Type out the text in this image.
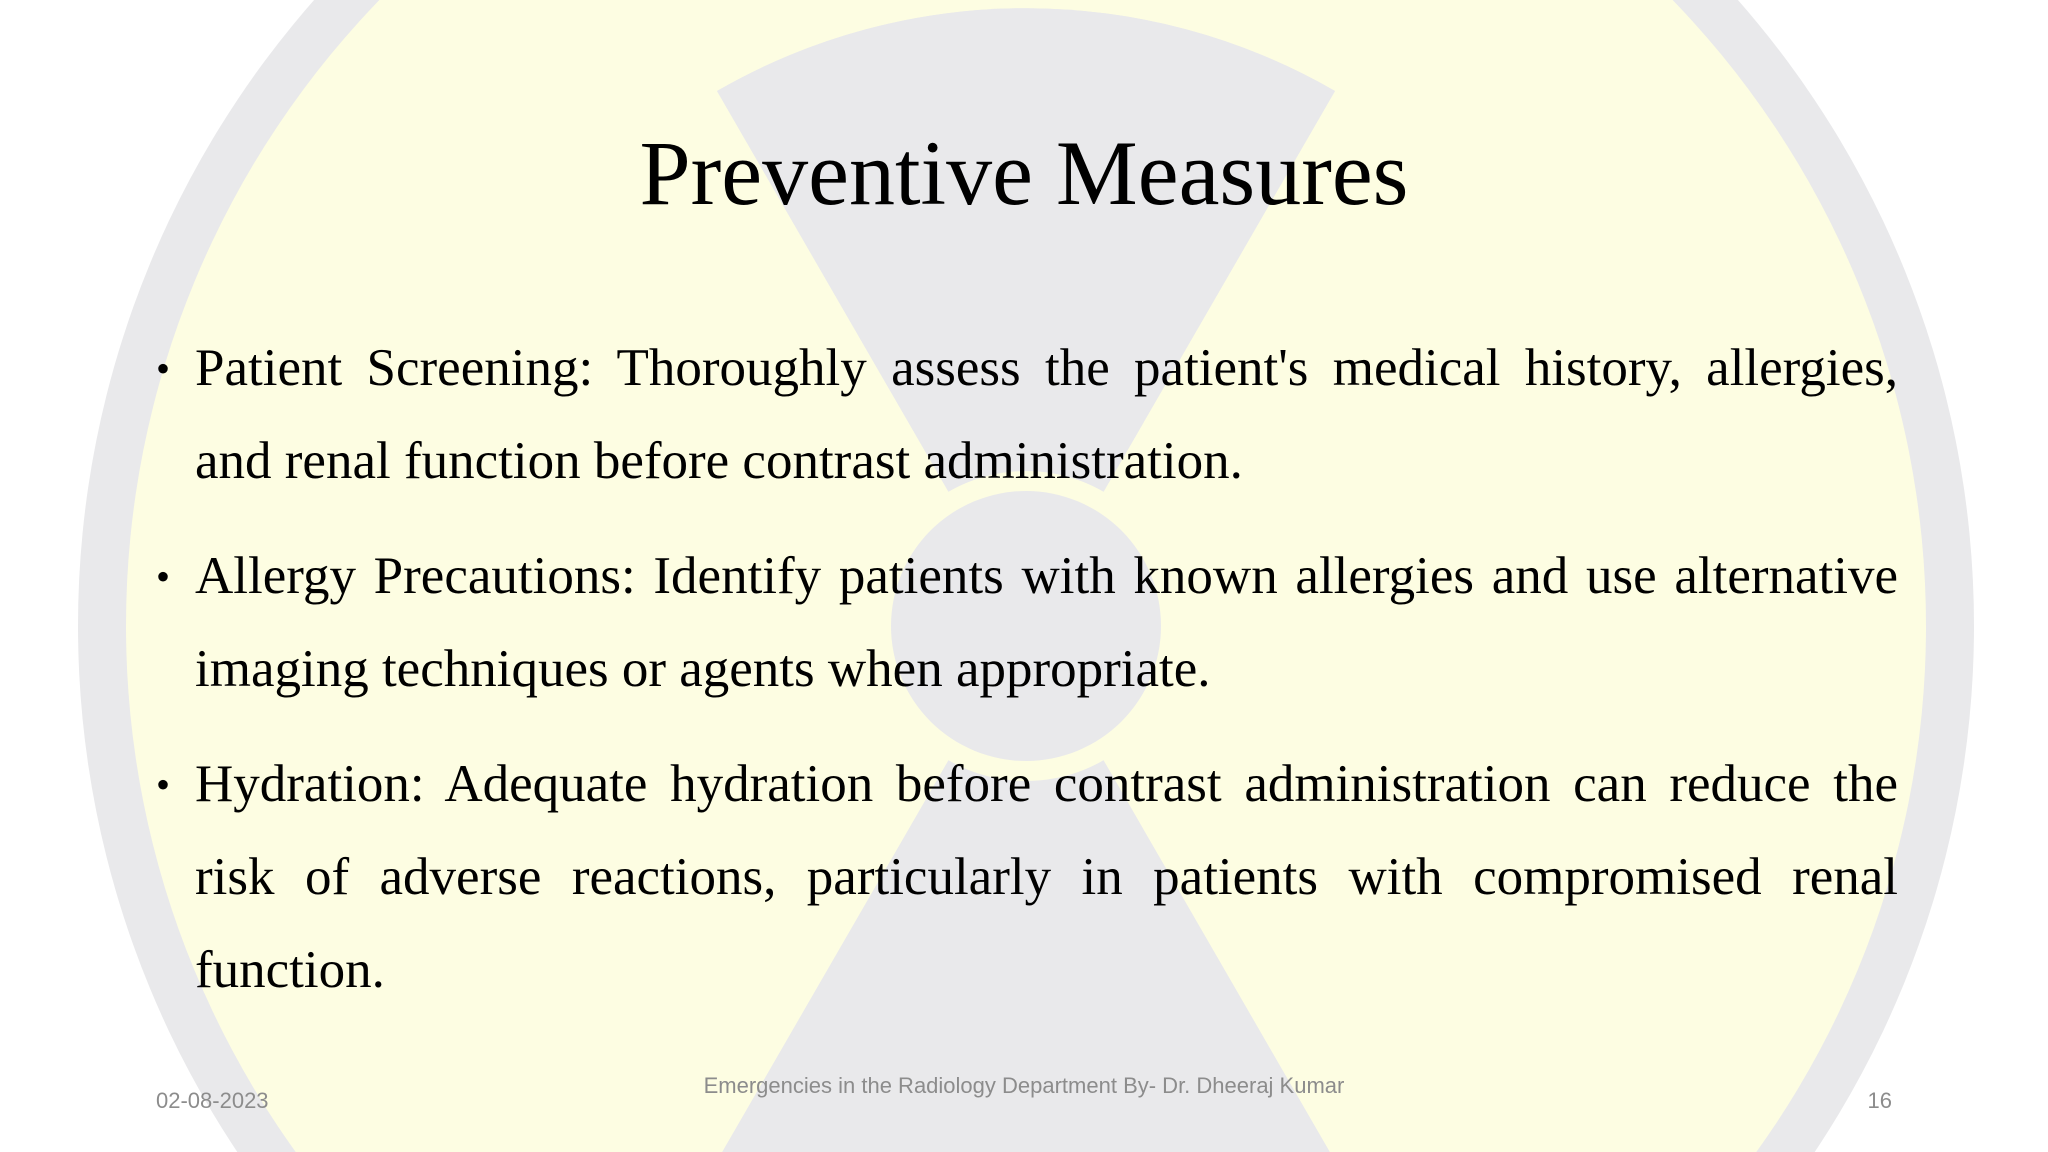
Preventive Measures
• Patient Screening: Thoroughly assess the patient's medical history, allergies, and renal function before contrast administration.
• Allergy Precautions: Identify patients with known allergies and use alternative imaging techniques or agents when appropriate.
• Hydration: Adequate hydration before contrast administration can reduce the risk of adverse reactions, particularly in patients with compromised renal function.
02-08-2023
Emergencies in the Radiology Department By- Dr. Dheeraj Kumar
16
